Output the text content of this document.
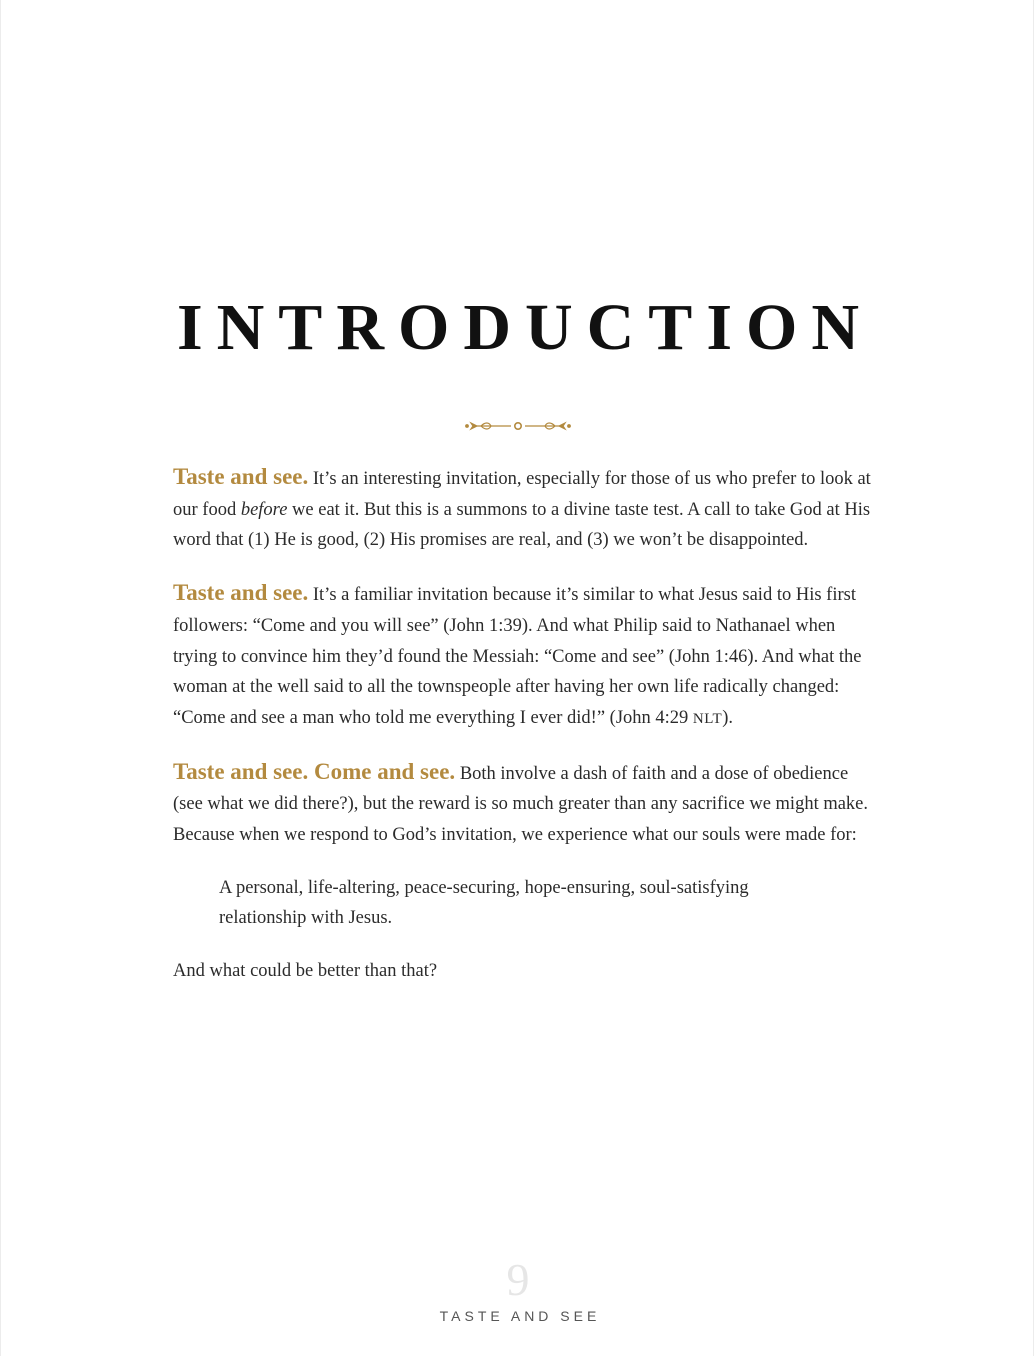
INTRODUCTION

Taste and see. It’s an interesting invitation, especially for those of us who prefer to look at our food before we eat it. But this is a summons to a divine taste test. A call to take God at His word that (1) He is good, (2) His promises are real, and (3) we won’t be disappointed.

Taste and see. It’s a familiar invitation because it’s similar to what Jesus said to His first followers: “Come and you will see” (John 1:39). And what Philip said to Nathanael when trying to convince him they’d found the Messiah: “Come and see” (John 1:46). And what the woman at the well said to all the townspeople after having her own life radically changed: “Come and see a man who told me everything I ever did!” (John 4:29 NLT).

Taste and see. Come and see. Both involve a dash of faith and a dose of obedience (see what we did there?), but the reward is so much greater than any sacrifice we might make. Because when we respond to God’s invitation, we experience what our souls were made for:

A personal, life-altering, peace-securing, hope-ensuring, soul-satisfying relationship with Jesus.

And what could be better than that?

9
TASTE AND SEE
